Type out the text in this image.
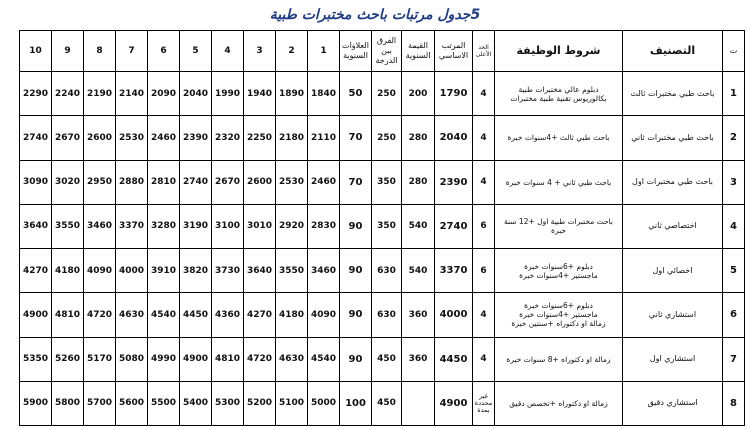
5جدول مرتبات باحث مختبرات طبية
ت	التصنيف	شروط الوظيفة	الحد الأعلى	المرتب الاساسي	القيمة السنوية	الفرق بين الدرجة	العلاوات السنوية	1	2	3	4	5	6	7	8	9	10
1	باحث طبي مختبرات ثالث	دبلوم عالي مختبرات طبية
بكالوريوس تقنية طبية مختبرات	4	1790	200	250	50	1840	1890	1940	1990	2040	2090	2140	2190	2240	2290
2	باحث طبي مختبرات ثاني	باحث طبي ثالث +4سنوات خبرة	4	2040	280	250	70	2110	2180	2250	2320	2390	2460	2530	2600	2670	2740
3	باحث طبي مختبرات اول	باحث طبي ثاني + 4 سنوات خبرة	4	2390	280	350	70	2460	2530	2600	2670	2740	2810	2880	2950	3020	3090
4	اختصاصي ثاني	باحث مختبرات طبية اول +12 سنة خبرة	6	2740	540	350	90	2830	2920	3010	3100	3190	3280	3370	3460	3550	3640
5	اخصائي اول	دبلوم +6سنوات خبرة
ماجستير +4سنوات خبرة	6	3370	540	630	90	3460	3550	3640	3730	3820	3910	4000	4090	4180	4270
6	استشاري ثاني	دبلوم +6سنوات خبرة
ماجستير +4سنوات خبرة
زمالة او دكتوراه +سنتين خبرة	4	4000	360	630	90	4090	4180	4270	4360	4450	4540	4630	4720	4810	4900
7	استشاري اول	زمالة او دكتوراه +8 سنوات خبرة	4	4450	360	450	90	4540	4630	4720	4810	4900	4990	5080	5170	5260	5350
8	استشاري دقيق	زمالة او دكتوراه +تخصص دقيق	غير محددة بمدة	4900		450	100	5000	5100	5200	5300	5400	5500	5600	5700	5800	5900
